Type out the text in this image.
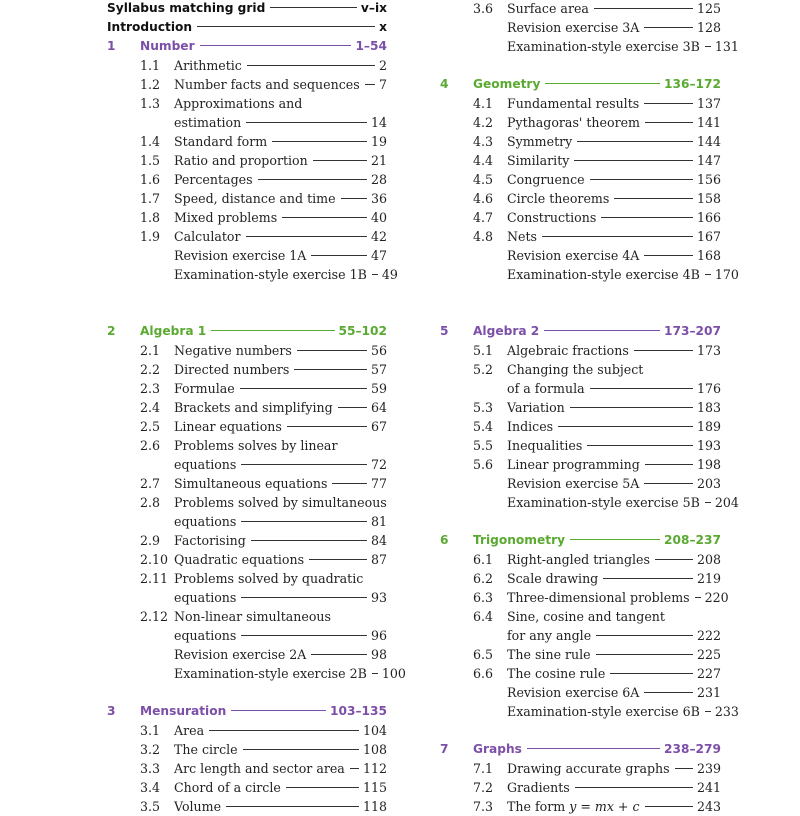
Syllabus matching grid	v–ix
Introduction	x
1	Number	1–54
1.1	Arithmetic	2
1.2	Number facts and sequences 7
1.3	Approximations and
estimation	14
1.4	Standard form	19
1.5	Ratio and proportion	21
1.6	Percentages	28
1.7	Speed, distance and time	36
1.8	Mixed problems	40
1.9	Calculator	42
Revision exercise 1A	47
Examination-style exercise 1B 49
2	Algebra 1	55–102
2.1	Negative numbers	56
2.2	Directed numbers	57
2.3	Formulae	59
2.4	Brackets and simplifying	64
2.5	Linear equations	67
2.6	Problems solves by linear
equations	72
2.7	Simultaneous equations	77
2.8	Problems solved by simultaneous
equations	81
2.9	Factorising	84
2.10 Quadratic equations	87
2.11 Problems solved by quadratic
equations	93
2.12 Non-linear simultaneous
equations	96
Revision exercise 2A	98
Examination-style exercise 2B 100
3	Mensuration	103–135
3.1	Area	104
3.2	The circle	108
3.3	Arc length and sector area 112
3.4	Chord of a circle	115
3.5	Volume	118
3.6	Surface area	125
Revision exercise 3A	128
Examination-style exercise 3B 131
4	Geometry	136–172
4.1	Fundamental results	137
4.2	Pythagoras' theorem	141
4.3	Symmetry	144
4.4	Similarity	147
4.5	Congruence	156
4.6	Circle theorems	158
4.7	Constructions	166
4.8	Nets	167
Revision exercise 4A	168
Examination-style exercise 4B 170
5	Algebra 2	173–207
5.1	Algebraic fractions	173
5.2	Changing the subject
of a formula	176
5.3	Variation	183
5.4	Indices	189
5.5	Inequalities	193
5.6	Linear programming	198
Revision exercise 5A	203
Examination-style exercise 5B 204
6	Trigonometry	208–237
6.1	Right-angled triangles	208
6.2	Scale drawing	219
6.3	Three-dimensional problems 220
6.4	Sine, cosine and tangent
for any angle	222
6.5	The sine rule	225
6.6	The cosine rule	227
Revision exercise 6A	231
Examination-style exercise 6B 233
7	Graphs	238–279
7.1	Drawing accurate graphs 239
7.2	Gradients	241
7.3	The form y = mx + c	243
